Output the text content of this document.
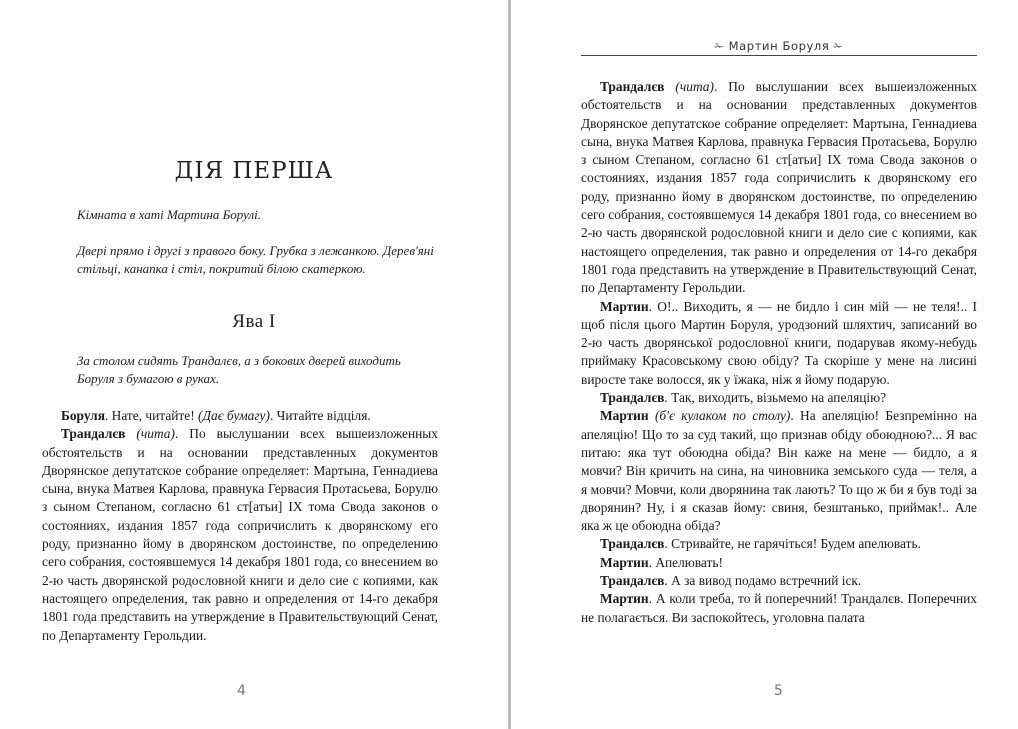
ДІЯ ПЕРША
Кімната в хаті Мартина Борулі.
Двері прямо і другі з правого боку. Грубка з лежанкою. Дерев'яні стільці, канапка і стіл, покритий білою скатеркою.
Ява I
За столом сидять Трандалєв, а з бокових дверей виходить Боруля з бумагою в руках.

Боруля. Нате, читайте! (Дає бумагу). Читайте відціля.

Трандалєв (чита). По выслушании всех вышеизложенных обстоятельств и на основании представленных документов Дворянское депутатское собрание определяет: Мартына, Геннадиева сына, внука Матвея Карлова, правнука Гервасия Протасьева, Борулю з сыном Степаном, согласно 61 ст[атьи] IX тома Свода законов о состояниях, издания 1857 года сопричислить к дворянскому его роду, признанно йому в дворянском достоинстве, по определению сего собрания, состоявшемуся 14 декабря 1801 года, со внесением во 2-ю часть дворянской родословной книги и дело сие с копиями, как настоящего определения, так равно и определения от 14-го декабря 1801 года представить на утверждение в Правительствующий Сенат, по Департаменту Герольдии.

4
✁ Мартин Боруля ✁

Трандалєв (чита). По выслушании всех вышеизложенных обстоятельств и на основании представленных документов Дворянское депутатское собрание определяет: Мартына, Геннадиева сына, внука Матвея Карлова, правнука Гервасия Протасьева, Борулю з сыном Степаном, согласно 61 ст[атьи] IX тома Свода законов о состояниях, издания 1857 года сопричислить к дворянскому его роду, признанно йому в дворянском достоинстве, по определению сего собрания, состоявшемуся 14 декабря 1801 года, со внесением во 2-ю часть дворянской родословной книги и дело сие с копиями, как настоящего определения, так равно и определения от 14-го декабря 1801 года представить на утверждение в Правительствующий Сенат, по Департаменту Герольдии.

Мартин. О!.. Виходить, я — не бидло і син мій — не теля!.. І щоб після цього Мартин Боруля, уродзоний шляхтич, записаний во 2-ю часть дворянської родословної книги, подарував якому-небудь приймаку Красовському свою обіду? Та скоріше у мене на лисині виросте таке волосся, як у їжака, ніж я йому подарую.

Трандалєв. Так, виходить, візьмемо на апеляцію?

Мартин (б'є кулаком по столу). На апеляцію! Безпремінно на апеляцію! Що то за суд такий, що признав обіду обоюдною?... Я вас питаю: яка тут обоюдна обіда? Він каже на мене — бидло, а я мовчи? Він кричить на сина, на чиновника земського суда — теля, а я мовчи? Мовчи, коли дворянина так лають? То що ж би я був тоді за дворянин? Ну, і я сказав йому: свиня, безштанько, приймак!.. Але яка ж це обоюдна обіда?

Трандалєв. Стривайте, не гарячіться! Будем апелювать.

Мартин. Апелювать!

Трандалєв. А за вивод подамо встречний іск.

Мартин. А коли треба, то й поперечний! Трандалєв. Поперечних не полагається. Ви заспокойтесь, уголовна палата

5
